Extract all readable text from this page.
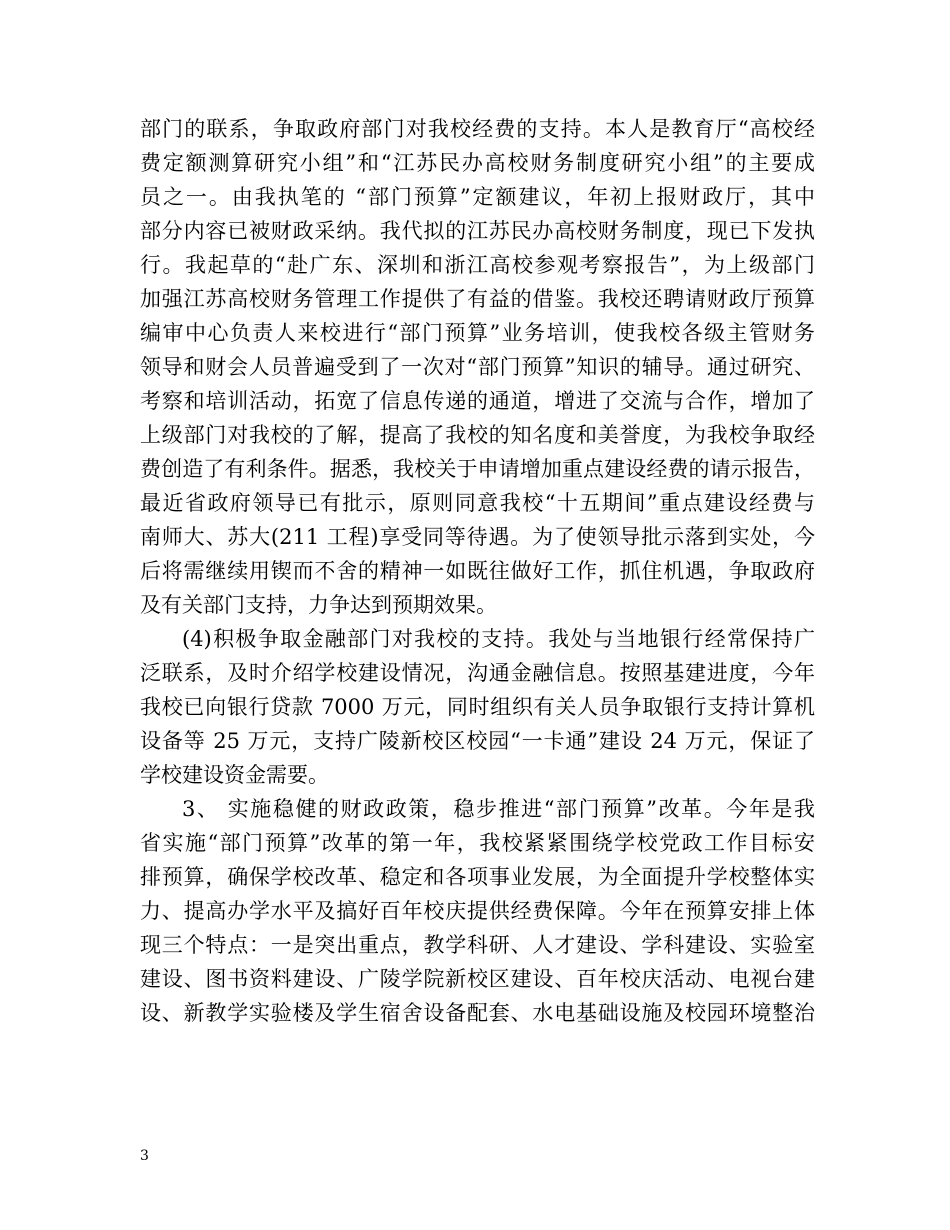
部门的联系，争取政府部门对我校经费的支持。本人是教育厅“高校经
费定额测算研究小组”和“江苏民办高校财务制度研究小组”的主要成
员之一。由我执笔的 “部门预算”定额建议，年初上报财政厅，其中
部分内容已被财政采纳。我代拟的江苏民办高校财务制度，现已下发执
行。我起草的“赴广东、深圳和浙江高校参观考察报告”，为上级部门
加强江苏高校财务管理工作提供了有益的借鉴。我校还聘请财政厅预算
编审中心负责人来校进行“部门预算”业务培训，使我校各级主管财务
领导和财会人员普遍受到了一次对“部门预算”知识的辅导。通过研究、
考察和培训活动，拓宽了信息传递的通道，增进了交流与合作，增加了
上级部门对我校的了解，提高了我校的知名度和美誉度，为我校争取经
费创造了有利条件。据悉，我校关于申请增加重点建设经费的请示报告，
最近省政府领导已有批示，原则同意我校“十五期间”重点建设经费与
南师大、苏大(211 工程)享受同等待遇。为了使领导批示落到实处，今
后将需继续用锲而不舍的精神一如既往做好工作，抓住机遇，争取政府
及有关部门支持，力争达到预期效果。
(4)积极争取金融部门对我校的支持。我处与当地银行经常保持广
泛联系，及时介绍学校建设情况，沟通金融信息。按照基建进度，今年
我校已向银行贷款 7000 万元，同时组织有关人员争取银行支持计算机
设备等 25 万元，支持广陵新校区校园“一卡通”建设 24 万元，保证了
学校建设资金需要。
3、 实施稳健的财政政策，稳步推进“部门预算”改革。今年是我
省实施“部门预算”改革的第一年，我校紧紧围绕学校党政工作目标安
排预算，确保学校改革、稳定和各项事业发展，为全面提升学校整体实
力、提高办学水平及搞好百年校庆提供经费保障。今年在预算安排上体
现三个特点：一是突出重点，教学科研、人才建设、学科建设、实验室
建设、图书资料建设、广陵学院新校区建设、百年校庆活动、电视台建
设、新教学实验楼及学生宿舍设备配套、水电基础设施及校园环境整治
3
